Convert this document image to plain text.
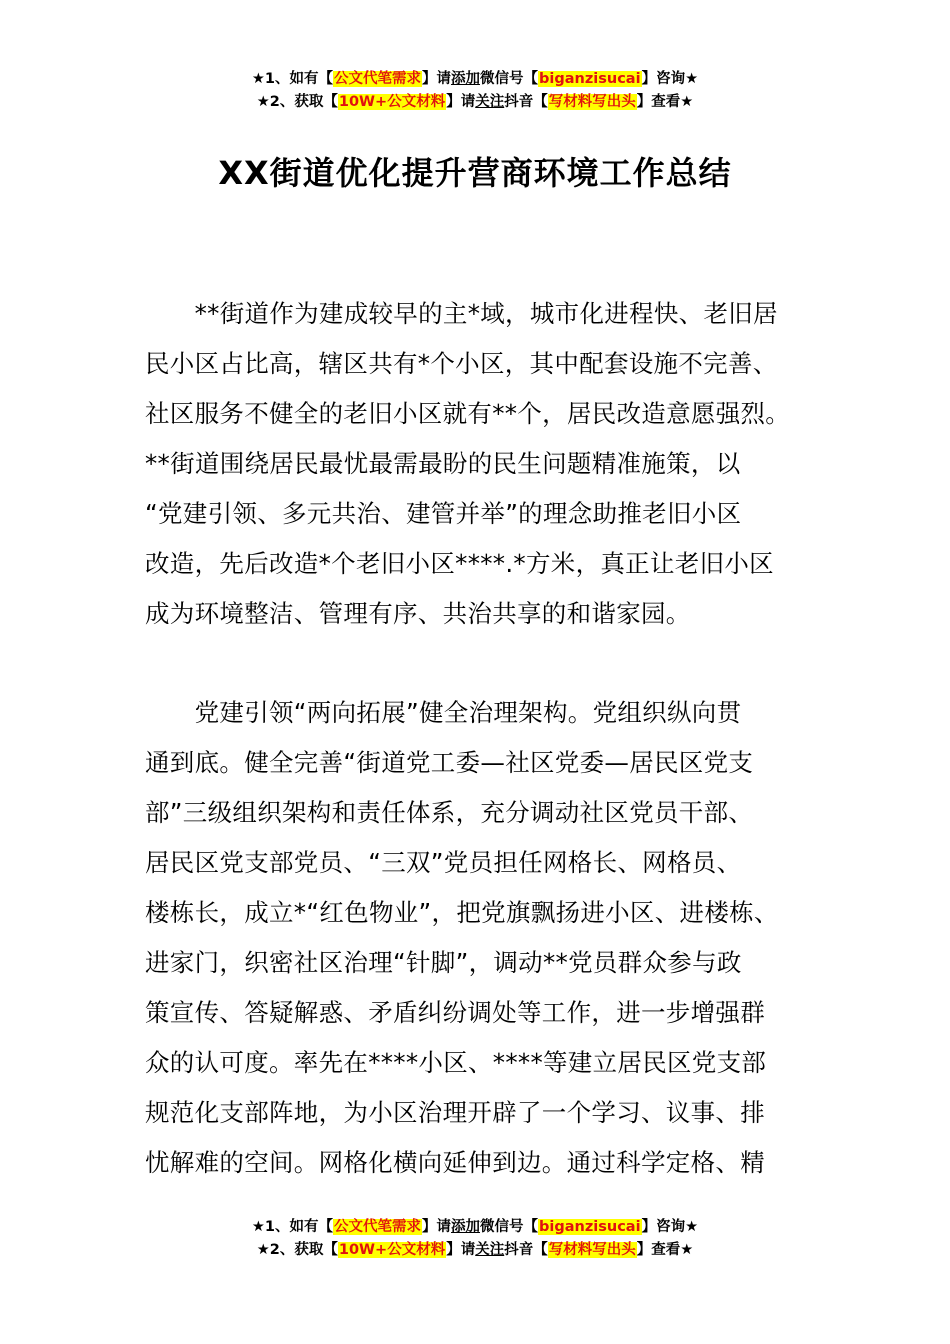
★1、如有【公文代笔需求】请添加微信号【biganzisucai】咨询★
★2、获取【10W+公文材料】请关注抖音【写材料写出头】查看★
XX街道优化提升营商环境工作总结
　　**街道作为建成较早的主*域，城市化进程快、老旧居
民小区占比高，辖区共有*个小区，其中配套设施不完善、
社区服务不健全的老旧小区就有**个，居民改造意愿强烈。
**街道围绕居民最忧最需最盼的民生问题精准施策，以
“党建引领、多元共治、建管并举”的理念助推老旧小区
改造，先后改造*个老旧小区****.*方米，真正让老旧小区
成为环境整洁、管理有序、共治共享的和谐家园。
　　党建引领“两向拓展”健全治理架构。党组织纵向贯
通到底。健全完善“街道党工委—社区党委—居民区党支
部”三级组织架构和责任体系，充分调动社区党员干部、
居民区党支部党员、“三双”党员担任网格长、网格员、
楼栋长，成立*“红色物业”，把党旗飘扬进小区、进楼栋、
进家门，织密社区治理“针脚”，调动**党员群众参与政
策宣传、答疑解惑、矛盾纠纷调处等工作，进一步增强群
众的认可度。率先在****小区、****等建立居民区党支部
规范化支部阵地，为小区治理开辟了一个学习、议事、排
忧解难的空间。网格化横向延伸到边。通过科学定格、精
★1、如有【公文代笔需求】请添加微信号【biganzisucai】咨询★
★2、获取【10W+公文材料】请关注抖音【写材料写出头】查看★
